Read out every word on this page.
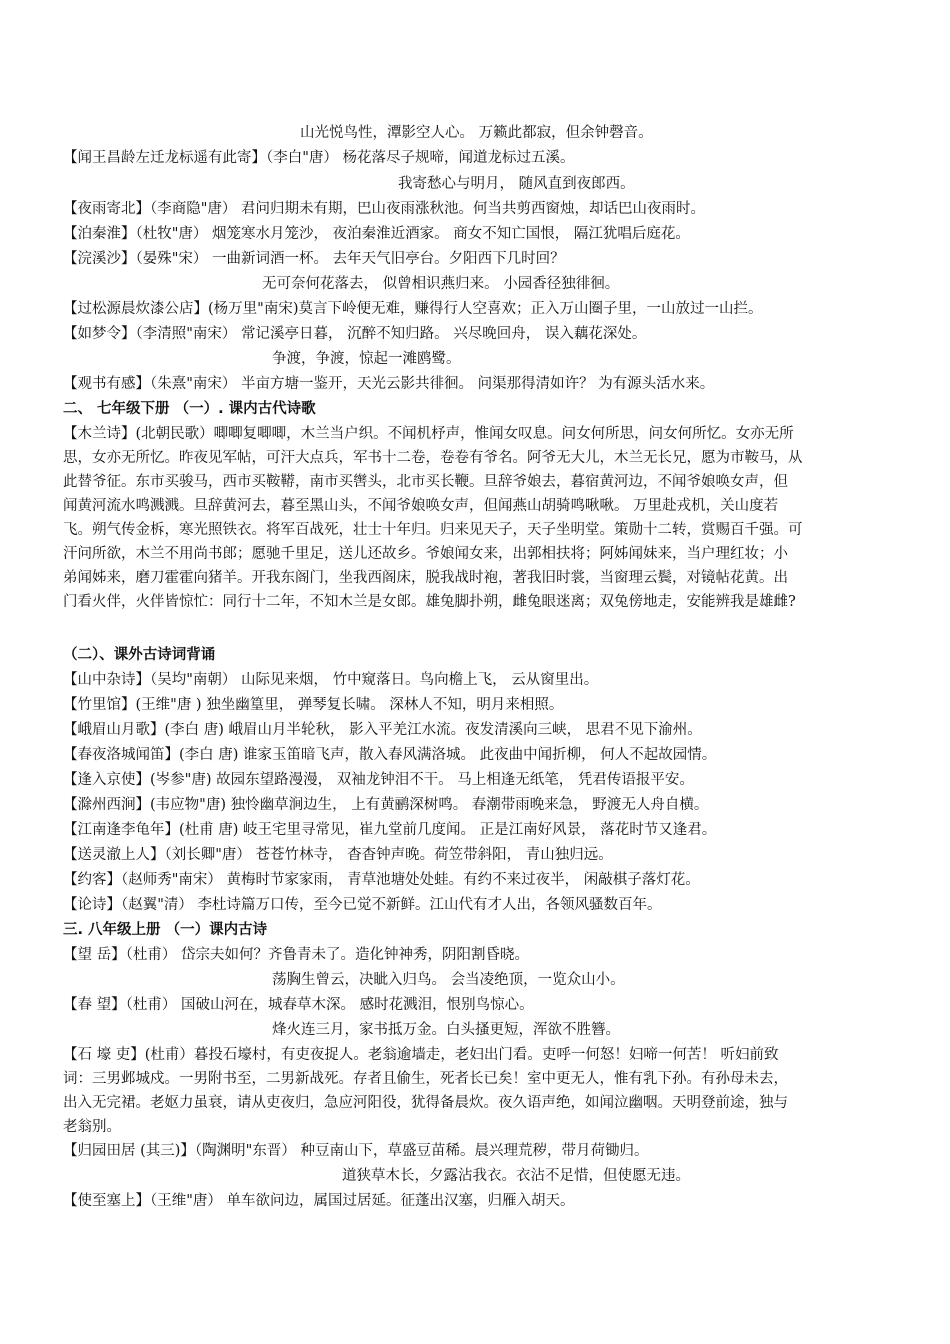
山光悦鸟性，潭影空人心。 万籁此都寂，但余钟磬音。
【闻王昌龄左迁龙标遥有此寄】（李白"唐） 杨花落尽子规啼，闻道龙标过五溪。
我寄愁心与明月， 随风直到夜郎西。
【夜雨寄北】（李商隐"唐） 君问归期未有期，巴山夜雨涨秋池。何当共剪西窗烛，却话巴山夜雨时。
【泊秦淮】（杜牧"唐） 烟笼寒水月笼沙， 夜泊秦淮近酒家。 商女不知亡国恨， 隔江犹唱后庭花。
【浣溪沙】（晏殊"宋） 一曲新词酒一杯。 去年天气旧亭台。夕阳西下几时回？
无可奈何花落去， 似曾相识燕归来。 小园香径独徘徊。
【过松源晨炊漆公店】(杨万里"南宋)莫言下岭便无难，赚得行人空喜欢；正入万山圈子里，一山放过一山拦。
【如梦令】（李清照"南宋） 常记溪亭日暮， 沉醉不知归路。 兴尽晚回舟， 误入藕花深处。
争渡，争渡，惊起一滩鸥鹭。
【观书有感】（朱熹"南宋） 半亩方塘一鉴开，天光云影共徘徊。 问渠那得清如许？ 为有源头活水来。
二、 七年级下册 （一）. 课内古代诗歌
【木兰诗】(北朝民歌）唧唧复唧唧，木兰当户织。不闻机杼声，惟闻女叹息。问女何所思，问女何所忆。女亦无所
思，女亦无所忆。昨夜见军帖，可汗大点兵，军书十二卷，卷卷有爷名。阿爷无大儿，木兰无长兄，愿为市鞍马，从
此替爷征。东市买骏马，西市买鞍鞯，南市买辔头，北市买长鞭。旦辞爷娘去，暮宿黄河边，不闻爷娘唤女声，但
闻黄河流水鸣溅溅。旦辞黄河去，暮至黑山头，不闻爷娘唤女声，但闻燕山胡骑鸣啾啾。 万里赴戎机，关山度若
飞。朔气传金柝，寒光照铁衣。将军百战死，壮士十年归。归来见天子，天子坐明堂。策勋十二转，赏赐百千强。可
汗问所欲，木兰不用尚书郎；愿驰千里足，送儿还故乡。爷娘闻女来，出郭相扶将；阿姊闻妹来，当户理红妆；小
弟闻姊来，磨刀霍霍向猪羊。开我东阁门，坐我西阁床，脱我战时袍，著我旧时裳，当窗理云鬓，对镜帖花黄。出
门看火伴，火伴皆惊忙：同行十二年，不知木兰是女郎。雄兔脚扑朔，雌兔眼迷离；双兔傍地走，安能辨我是雄雌?
（二）、课外古诗词背诵
【山中杂诗】（吴均"南朝） 山际见来烟， 竹中窥落日。鸟向檐上飞， 云从窗里出。
【竹里馆】(王维"唐 ) 独坐幽篁里， 弹琴复长啸。 深林人不知，明月来相照。
【峨眉山月歌】(李白 唐) 峨眉山月半轮秋， 影入平羌江水流。夜发清溪向三峡， 思君不见下渝州。
【春夜洛城闻笛】(李白 唐) 谁家玉笛暗飞声，散入春风满洛城。 此夜曲中闻折柳， 何人不起故园情。
【逢入京使】(岑参"唐) 故园东望路漫漫， 双袖龙钟泪不干。 马上相逢无纸笔， 凭君传语报平安。
【滁州西涧】(韦应物"唐) 独怜幽草涧边生， 上有黄鹂深树鸣。 春潮带雨晚来急， 野渡无人舟自横。
【江南逢李龟年】(杜甫 唐) 岐王宅里寻常见，崔九堂前几度闻。 正是江南好风景， 落花时节又逢君。
【送灵澈上人】（刘长卿"唐） 苍苍竹林寺， 杳杳钟声晚。荷笠带斜阳， 青山独归远。
【约客】（赵师秀"南宋） 黄梅时节家家雨， 青草池塘处处蛙。有约不来过夜半， 闲敲棋子落灯花。
【论诗】（赵翼"清） 李杜诗篇万口传，至今已觉不新鲜。江山代有才人出，各领风骚数百年。
三. 八年级上册 （一）课内古诗
【望 岳】（杜甫） 岱宗夫如何？齐鲁青未了。造化钟神秀，阴阳割昏晓。
荡胸生曾云，决眦入归鸟。 会当凌绝顶，一览众山小。
【春 望】（杜甫） 国破山河在，城春草木深。 感时花溅泪，恨别鸟惊心。
烽火连三月，家书抵万金。白头搔更短，浑欲不胜簪。
【石 壕 吏】(杜甫）暮投石壕村，有吏夜捉人。老翁逾墙走，老妇出门看。吏呼一何怒！妇啼一何苦！ 听妇前致
词：三男邺城戍。一男附书至，二男新战死。存者且偷生，死者长已矣！室中更无人，惟有乳下孙。有孙母未去，
出入无完裙。老妪力虽衰，请从吏夜归，急应河阳役，犹得备晨炊。夜久语声绝，如闻泣幽咽。天明登前途，独与
老翁别。
【归园田居 (其三)】（陶渊明"东晋） 种豆南山下，草盛豆苗稀。晨兴理荒秽，带月荷锄归。
道狭草木长，夕露沾我衣。衣沾不足惜，但使愿无违。
【使至塞上】（王维"唐） 单车欲问边，属国过居延。征蓬出汉塞，归雁入胡天。
